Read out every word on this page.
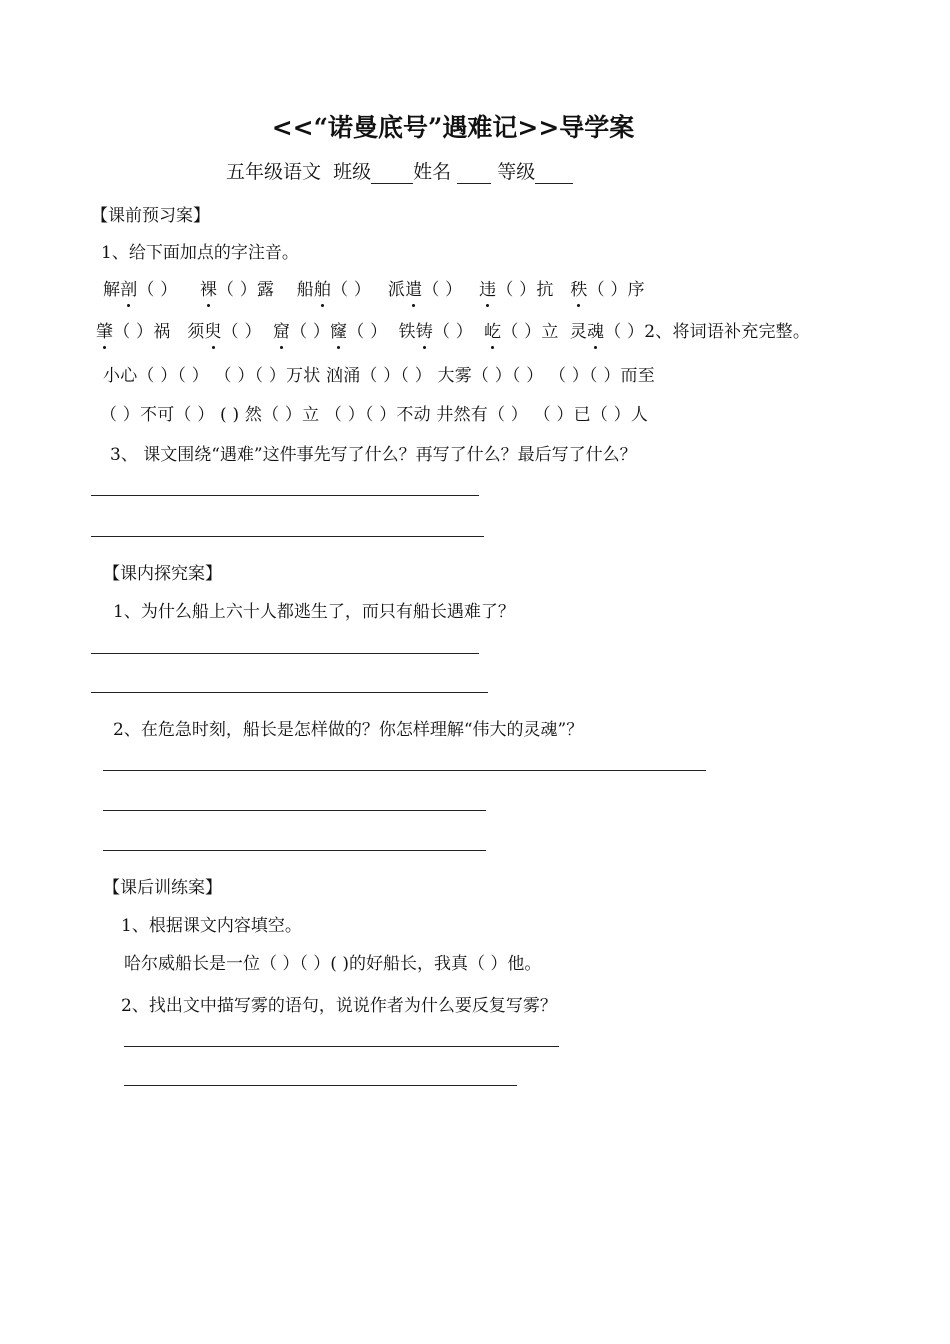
<<“诺曼底号”遇难记>>导学案
五年级语文 班级 姓名 等级
【课前预习案】
1、给下面加点的字注音。
解剖（ ） 裸（ ）露 船舶（ ） 派遣（ ） 违（ ）抗 秩（ ）序
肇（ ）祸 须臾（ ） 窟（ ）窿（ ） 铁铸（ ） 屹（ ）立 灵魂（ ）2、将词语补充完整。
小心（ ）（ ） （ ）（ ）万状 汹涌（ ）（ ） 大雾（ ）（ ） （ ）（ ）而至
（ ）不可（ ） ( ) 然（ ）立 （ ）（ ）不动 井然有（ ） （ ）已（ ）人
3、 课文围绕“遇难”这件事先写了什么？再写了什么？最后写了什么？
【课内探究案】
1、为什么船上六十人都逃生了，而只有船长遇难了？
2、在危急时刻，船长是怎样做的？你怎样理解“伟大的灵魂”？
【课后训练案】
1、根据课文内容填空。
哈尔威船长是一位（ ）（ ）( )的好船长，我真（ ）他。
2、找出文中描写雾的语句，说说作者为什么要反复写雾？
